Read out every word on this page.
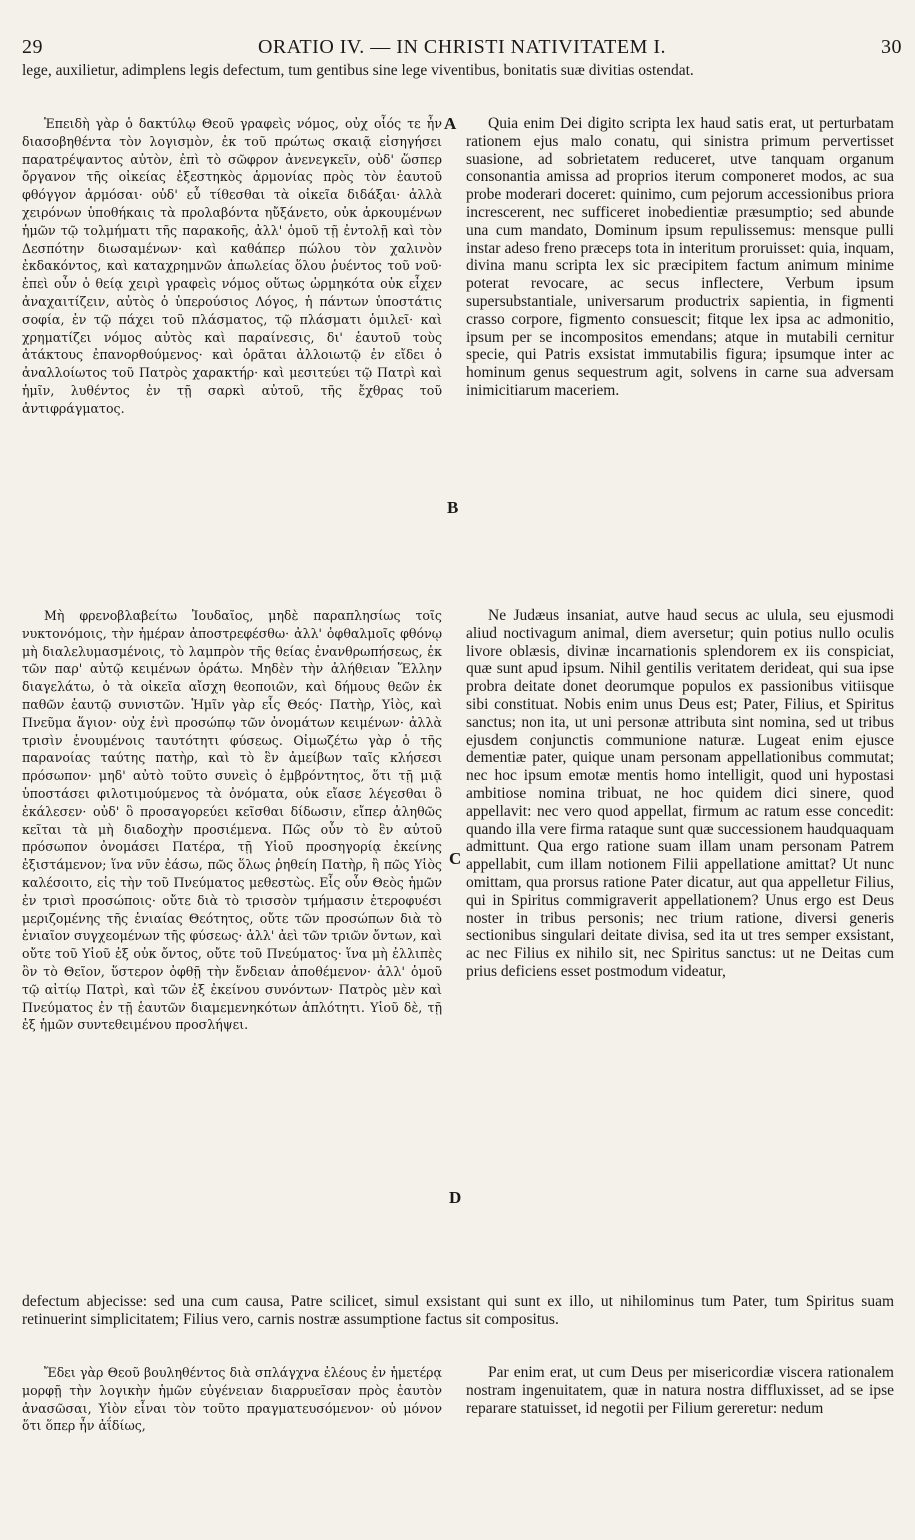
29	ORATIO IV. — IN CHRISTI NATIVITATEM I.	30

lege, auxilietur, adimplens legis defectum, tum gentibus sine lege viventibus, bonitatis suæ divitias ostendat.

Ἐπειδὴ γὰρ ὁ δακτύλῳ Θεοῦ γραφεὶς νόμος, οὐχ οἷός τε ἦν διασοβηθέντα τὸν λογισμὸν, ἐκ τοῦ πρώτως σκαιᾷ εἰσηγήσει παρατρέψαντος αὐτὸν, ἐπὶ τὸ σῶφρον ἀνενεγκεῖν, οὐδ' ὥσπερ ὄργανον τῆς οἰκείας ἐξεστηκὸς ἁρμονίας πρὸς τὸν ἑαυτοῦ φθόγγον ἁρμόσαι· οὐδ' εὖ τίθεσθαι τὰ οἰκεῖα διδάξαι· ἀλλὰ χειρόνων ὑποθήκαις τὰ προλαβόντα ηὔξάνετο, οὐκ ἀρκουμένων ἡμῶν τῷ τολμήματι τῆς παρακοῆς, ἀλλ' ὁμοῦ τῇ ἐντολῇ καὶ τὸν Δεσπότην διωσαμένων· καὶ καθάπερ πώλου τὸν χαλινὸν ἐκδακόντος, καὶ καταχρημνῶν ἀπωλείας ὅλου ῥυέντος τοῦ νοῦ· ἐπεὶ οὖν ὁ θείᾳ χειρὶ γραφεὶς νόμος οὕτως ὡρμηκότα οὐκ εἶχεν ἀναχαιτίζειν, αὐτὸς ὁ ὑπερούσιος Λόγος, ἡ πάντων ὑποστάτις σοφία, ἐν τῷ πάχει τοῦ πλάσματος, τῷ πλάσματι ὁμιλεῖ· καὶ χρηματίζει νόμος αὐτὸς καὶ παραίνεσις, δι' ἑαυτοῦ τοὺς ἀτάκτους ἐπανορθούμενος· καὶ ὁρᾶται ἀλλοιωτῷ ἐν εἴδει ὁ ἀναλλοίωτος τοῦ Πατρὸς χαρακτήρ· καὶ μεσιτεύει τῷ Πατρὶ καὶ ἡμῖν, λυθέντος ἐν τῇ σαρκὶ αὐτοῦ, τῆς ἔχθρας τοῦ ἀντιφράγματος.

Quia enim Dei digito scripta lex haud satis erat, ut perturbatam rationem ejus malo conatu, qui sinistra primum pervertisset suasione, ad sobrietatem reduceret, utve tanquam organum consonantia amissa ad proprios iterum componeret modos, ac sua probe moderari doceret: quinimo, cum pejorum accessionibus priora increscerent, nec sufficeret inobedientiæ præsumptio; sed abunde una cum mandato, Dominum ipsum repulissemus: mensque pulli instar adeso freno præceps tota in interitum proruisset: quia, inquam, divina manu scripta lex sic præcipitem factum animum minime poterat revocare, ac secus inflectere, Verbum ipsum supersubstantiale, universarum productrix sapientia, in figmenti crasso corpore, figmento consuescit; fitque lex ipsa ac admonitio, ipsum per se incompositos emendans; atque in mutabili cernitur specie, qui Patris exsistat immutabilis figura; ipsumque inter ac hominum genus sequestrum agit, solvens in carne sua adversam inimicitiarum maceriem.

Μὴ φρενοβλαβείτω Ἰουδαῖος, μηδὲ παραπλησίως τοῖς νυκτονόμοις, τὴν ἡμέραν ἀποστρεφέσθω· ἀλλ' ὀφθαλμοῖς φθόνῳ μὴ διαλελυμασμένοις, τὸ λαμπρὸν τῆς θείας ἐνανθρωπήσεως, ἐκ τῶν παρ' αὐτῷ κειμένων ὁράτω. Μηδὲν τὴν ἀλήθειαν Ἕλλην διαγελάτω, ὁ τὰ οἰκεῖα αἴσχη θεοποιῶν, καὶ δήμους θεῶν ἐκ παθῶν ἑαυτῷ συνιστῶν. Ἡμῖν γὰρ εἷς Θεός· Πατὴρ, Υἱὸς, καὶ Πνεῦμα ἅγιον· οὐχ ἑνὶ προσώπῳ τῶν ὀνομάτων κειμένων· ἀλλὰ τρισὶν ἑνουμένοις ταυτότητι φύσεως. Οἰμωζέτω γὰρ ὁ τῆς παρανοίας ταύτης πατὴρ, καὶ τὸ ἓν ἀμείβων ταῖς κλήσεσι πρόσωπον· μηδ' αὐτὸ τοῦτο συνεὶς ὁ ἐμβρόντητος, ὅτι τῇ μιᾷ ὑποστάσει φιλοτιμούμενος τὰ ὀνόματα, οὐκ εἴασε λέγεσθαι ὃ ἐκάλεσεν· οὐδ' ὃ προσαγορεύει κεῖσθαι δίδωσιν, εἴπερ ἀληθῶς κεῖται τὰ μὴ διαδοχὴν προσιέμενα. Πῶς οὖν τὸ ἓν αὐτοῦ πρόσωπον ὀνομάσει Πατέρα, τῇ Υἱοῦ προσηγορίᾳ ἐκείνης ἐξιστάμενον; ἵνα νῦν ἐάσω, πῶς ὅλως ῥηθείη Πατὴρ, ἢ πῶς Υἱὸς καλέσοιτο, εἰς τὴν τοῦ Πνεύματος μεθεστὼς. Εἷς οὖν Θεὸς ἡμῶν ἐν τρισὶ προσώποις· οὔτε διὰ τὸ τρισσὸν τμήμασιν ἑτεροφυέσι μεριζομένης τῆς ἑνιαίας Θεότητος, οὔτε τῶν προσώπων διὰ τὸ ἑνιαῖον συγχεομένων τῆς φύσεως· ἀλλ' ἀεὶ τῶν τριῶν ὄντων, καὶ οὔτε τοῦ Υἱοῦ ἐξ οὐκ ὄντος, οὔτε τοῦ Πνεύματος· ἵνα μὴ ἐλλιπὲς ὂν τὸ Θεῖον, ὕστερον ὀφθῇ τὴν ἔνδειαν ἀποθέμενον· ἀλλ' ὁμοῦ τῷ αἰτίῳ Πατρὶ, καὶ τῶν ἐξ ἐκείνου συνόντων· Πατρὸς μὲν καὶ Πνεύματος ἐν τῇ ἑαυτῶν διαμεμενηκότων ἁπλότητι. Υἱοῦ δὲ, τῇ ἐξ ἡμῶν συντεθειμένου προσλήψει.

Ne Judæus insaniat, autve haud secus ac ulula, seu ejusmodi aliud noctivagum animal, diem aversetur; quin potius nullo oculis livore oblæsis, divinæ incarnationis splendorem ex iis conspiciat, quæ sunt apud ipsum. Nihil gentilis veritatem derideat, qui sua ipse probra deitate donet deorumque populos ex passionibus vitiisque sibi constituat. Nobis enim unus Deus est; Pater, Filius, et Spiritus sanctus; non ita, ut uni personæ attributa sint nomina, sed ut tribus ejusdem conjunctis communione naturæ. Lugeat enim ejusce dementiæ pater, quique unam personam appellationibus commutat; nec hoc ipsum emotæ mentis homo intelligit, quod uni hypostasi ambitiose nomina tribuat, ne hoc quidem dici sinere, quod appellavit: nec vero quod appellat, firmum ac ratum esse concedit: quando illa vere firma rataque sunt quæ successionem haudquaquam admittunt. Qua ergo ratione suam illam unam personam Patrem appellabit, cum illam notionem Filii appellatione amittat? Ut nunc omittam, qua prorsus ratione Pater dicatur, aut qua appelletur Filius, qui in Spiritus commigraverit appellationem? Unus ergo est Deus noster in tribus personis; nec trium ratione, diversi generis sectionibus singulari deitate divisa, sed ita ut tres semper exsistant, ac nec Filius ex nihilo sit, nec Spiritus sanctus: ut ne Deitas cum prius deficiens esset postmodum videatur,

defectum abjecisse: sed una cum causa, Patre scilicet, simul exsistant qui sunt ex illo, ut nihilominus tum Pater, tum Spiritus suam retinuerint simplicitatem; Filius vero, carnis nostræ assumptione factus sit compositus.

Ἔδει γὰρ Θεοῦ βουληθέντος διὰ σπλάγχνα ἐλέους ἐν ἡμετέρᾳ μορφῇ τὴν λογικὴν ἡμῶν εὐγένειαν διαρρυεῖσαν πρὸς ἑαυτὸν ἀνασῶσαι, Υἱὸν εἶναι τὸν τοῦτο πραγματευσόμενον· οὐ μόνον ὅτι ὅπερ ἦν ἀΐδίως,

Par enim erat, ut cum Deus per misericordiæ viscera rationalem nostram ingenuitatem, quæ in natura nostra diffluxisset, ad se ipse reparare statuisset, id negotii per Filium gereretur: nedum

A
B
C
D
